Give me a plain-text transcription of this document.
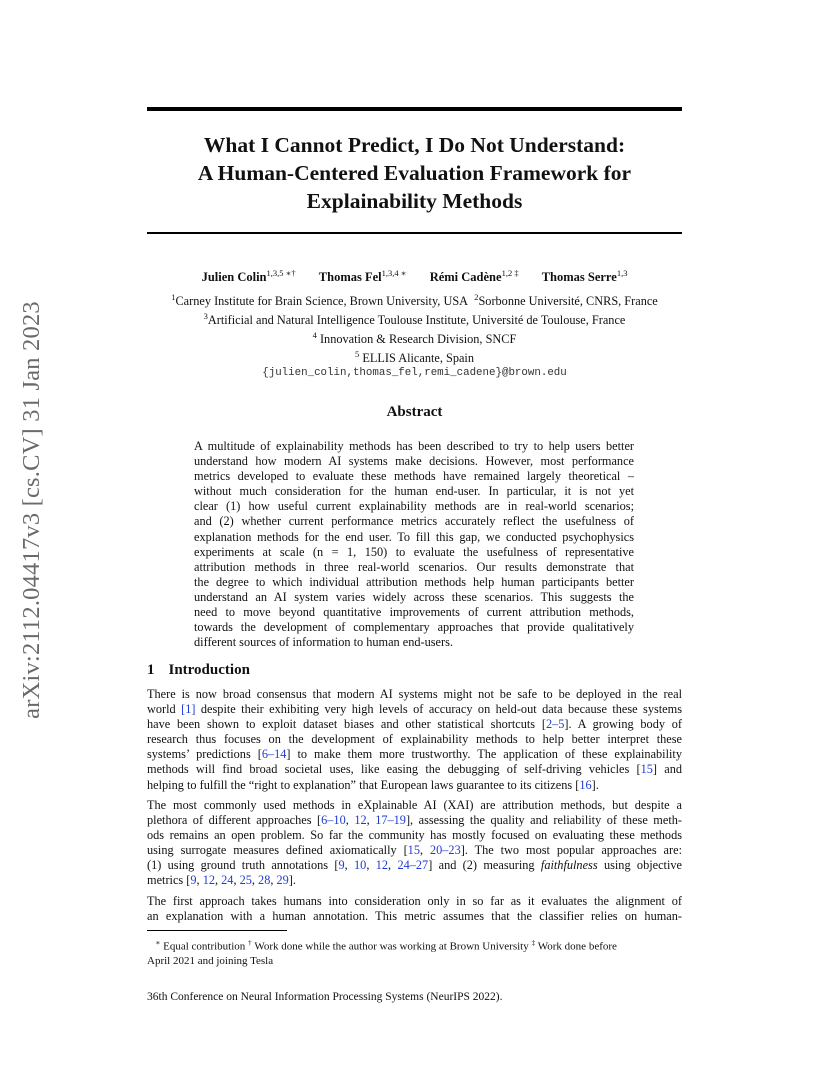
arXiv:2112.04417v3 [cs.CV] 31 Jan 2023
What I Cannot Predict, I Do Not Understand:
A Human-Centered Evaluation Framework for
Explainability Methods
Julien Colin$^{1,3,5 ∗\dagger}$ Thomas Fel$^{1,3,4 ∗}$ Rémi Cadène$^{1,2 \ddagger}$ Thomas Serre$^{1,3}$
$^1$Carney Institute for Brain Science, Brown University, USA $^2$Sorbonne Université, CNRS, France
$^3$Artificial and Natural Intelligence Toulouse Institute, Université de Toulouse, France
$^4$ Innovation & Research Division, SNCF
$^5$ ELLIS Alicante, Spain
{julien_colin,thomas_fel,remi_cadene}@brown.edu
Abstract
A multitude of explainability methods has been described to try to help users better
understand how modern AI systems make decisions. However, most performance
metrics developed to evaluate these methods have remained largely theoretical –
without much consideration for the human end-user. In particular, it is not yet
clear (1) how useful current explainability methods are in real-world scenarios;
and (2) whether current performance metrics accurately reflect the usefulness of
explanation methods for the end user. To fill this gap, we conducted psychophysics
experiments at scale (n = 1, 150) to evaluate the usefulness of representative
attribution methods in three real-world scenarios. Our results demonstrate that
the degree to which individual attribution methods help human participants better
understand an AI system varies widely across these scenarios. This suggests the
need to move beyond quantitative improvements of current attribution methods,
towards the development of complementary approaches that provide qualitatively
different sources of information to human end-users.
1 Introduction
There is now broad consensus that modern AI systems might not be safe to be deployed in the real
world [1] despite their exhibiting very high levels of accuracy on held-out data because these systems
have been shown to exploit dataset biases and other statistical shortcuts [2–5]. A growing body of
research thus focuses on the development of explainability methods to help better interpret these
systems’ predictions [6–14] to make them more trustworthy. The application of these explainability
methods will find broad societal uses, like easing the debugging of self-driving vehicles [15] and
helping to fulfill the “right to explanation” that European laws guarantee to its citizens [16].
The most commonly used methods in eXplainable AI (XAI) are attribution methods, but despite a
plethora of different approaches [6–10, 12, 17–19], assessing the quality and reliability of these meth-
ods remains an open problem. So far the community has mostly focused on evaluating these methods
using surrogate measures defined axiomatically [15, 20–23]. The two most popular approaches are:
(1) using ground truth annotations [9, 10, 12, 24–27] and (2) measuring faithfulness using objective
metrics [9, 12, 24, 25, 28, 29].
The first approach takes humans into consideration only in so far as it evaluates the alignment of
an explanation with a human annotation. This metric assumes that the classifier relies on human-
∗ Equal contribution † Work done while the author was working at Brown University ‡ Work done before
April 2021 and joining Tesla
36th Conference on Neural Information Processing Systems (NeurIPS 2022).
